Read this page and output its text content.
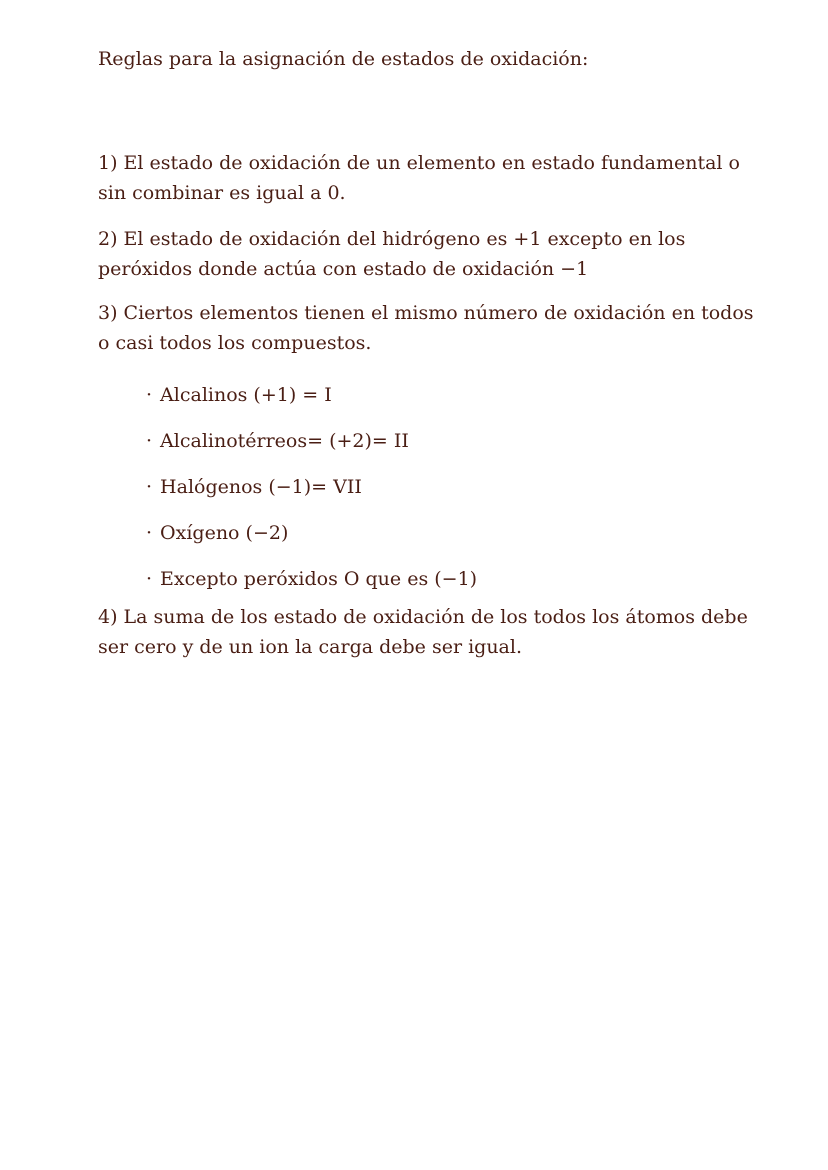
Reglas para la asignación de estados de oxidación:

1) El estado de oxidación de un elemento en estado fundamental o sin combinar es igual a 0.

2) El estado de oxidación del hidrógeno es +1 excepto en los peróxidos donde actúa con estado de oxidación −1

3) Ciertos elementos tienen el mismo número de oxidación en todos o casi todos los compuestos.

· Alcalinos (+1) = I
· Alcalinotérreos= (+2)= II
· Halógenos (−1)= VII
· Oxígeno (−2)
· Excepto peróxidos O que es (−1)

4) La suma de los estado de oxidación de los todos los átomos debe ser cero y de un ion la carga debe ser igual.
